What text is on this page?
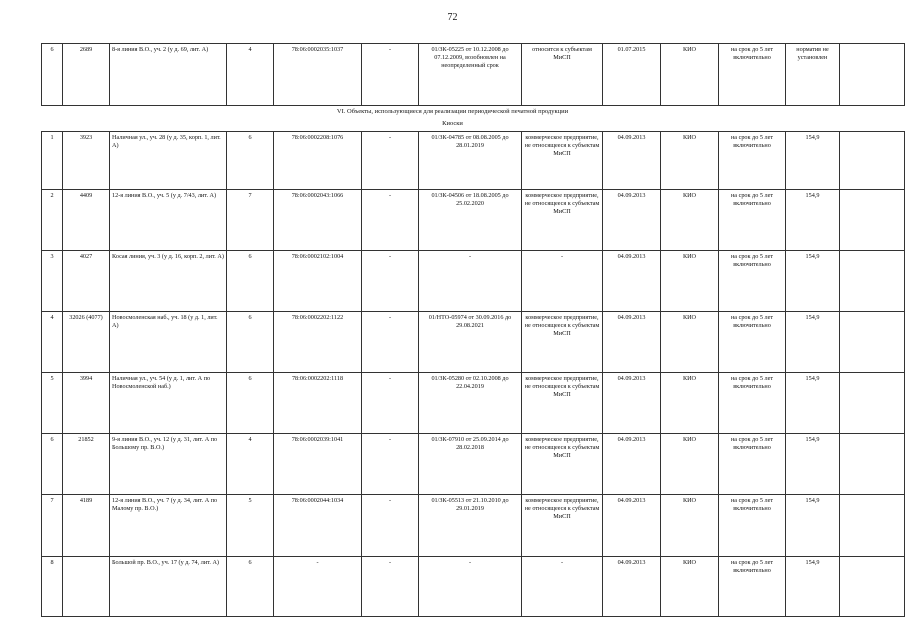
72
6	2689	8-я линия В.О., уч. 2 (у д. 69, лит. А)	4	78:06:0002035:1037	-	01/ЗК-05225 от 10.12.2008 до 07.12.2009, возобновлен на неопределенный срок	относится к субъектам МиСП	01.07.2015	КИО	на срок до 5 лет включительно	норматив не установлен	
VI. Объекты, использующиеся для реализации периодической печатной продукции
Киоски
1	3923	Наличная ул., уч. 28 (у д. 35, корп. 1, лит. А)	6	78:06:0002208:1076	-	01/ЗК-04785 от 08.08.2005 до 28.01.2019	коммерческое предприятие, не относящееся к субъектам МиСП	04.09.2013	КИО	на срок до 5 лет включительно	154,9	
2	4409	12-я линия В.О., уч. 5 (у д. 7/43, лит. А)	7	78:06:0002043:1066	-	01/ЗК-04506 от 18.08.2005 до 25.02.2020	коммерческое предприятие, не относящееся к субъектам МиСП	04.09.2013	КИО	на срок до 5 лет включительно	154,9	
3	4027	Косая линия, уч. 3 (у д. 16, корп. 2, лит. А)	6	78:06:0002102:1004	-	-	-	04.09.2013	КИО	на срок до 5 лет включительно	154,9	
4	32026 (4077)	Новосмоленская наб., уч. 18 (у д. 1, лит. А)	6	78:06:0002202:1122	-	01/НТО-05974 от 30.09.2016 до 29.08.2021	коммерческое предприятие, не относящееся к субъектам МиСП	04.09.2013	КИО	на срок до 5 лет включительно	154,9	
5	3994	Наличная ул., уч. 54 (у д. 1, лит. А по Новосмоленской наб.)	6	78:06:0002202:1118	-	01/ЗК-05280 от 02.10.2008 до 22.04.2019	коммерческое предприятие, не относящееся к субъектам МиСП	04.09.2013	КИО	на срок до 5 лет включительно	154,9	
6	21852	9-я линия В.О., уч. 12 (у д. 31, лит. А по Большому пр. В.О.)	4	78:06:0002039:1041	-	01/ЗК-07910 от 25.09.2014 до 28.02.2018	коммерческое предприятие, не относящееся к субъектам МиСП	04.09.2013	КИО	на срок до 5 лет включительно	154,9	
7	4189	12-я линия В.О., уч. 7 (у д. 34, лит. А по Малому пр. В.О.)	5	78:06:0002044:1034	-	01/ЗК-05513 от 21.10.2010 до 29.01.2019	коммерческое предприятие, не относящееся к субъектам МиСП	04.09.2013	КИО	на срок до 5 лет включительно	154,9	
8		Большой пр. В.О., уч. 17 (у д. 74, лит. А)	6	-	-	-	-	04.09.2013	КИО	на срок до 5 лет включительно	154,9	
